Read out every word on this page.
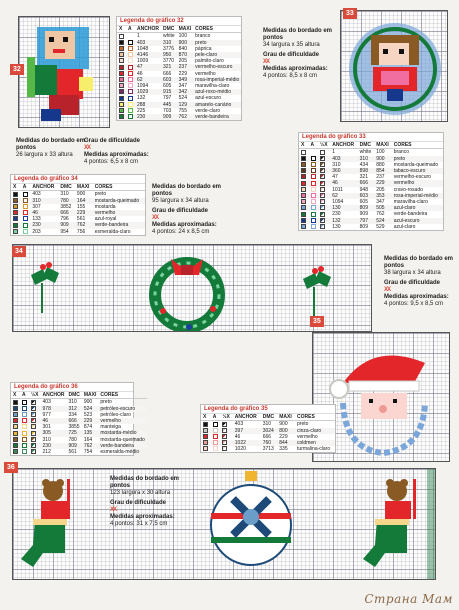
32
Legenda do gráfico 32
X	A	ANCHOR	DMC	MAXI	CORES
		1	white	100	branco
		403	310	900	preto
		1048	3776	840	páprica
		4146	950	870	pele-claro
		1009	3770	205	palmito-claro
		47	321	237	vermelho-escuro
		46	666	229	vermelho
		62	603	349	rosa-imperial-médio
		1094	605	347	maravilha-claro
		1029	915	342	azul-roxo-médio
		132	797	524	azul-escuro
		288	445	129	amarelo-canário
		225	703	755	verde-claro
		230	909	762	verde-bandeira
Medidas do bordado em pontos
26 largura x 33 altura
Grau de dificuldade
XX
Medidas aproximadas:
4 pontos: 6,5 x 8 cm
33
Medidas do bordado em pontos
34 largura x 35 altura
Grau de dificuldade
XX
Medidas aproximadas:
4 pontos: 8,5 x 8 cm
Legenda do gráfico 33
X	A	½X	ANCHOR	DMC	MAXI	CORES
			1	white	100	branco
			403	310	900	preto
			310	434	880	mostarda-queimado
			360	898	854	tabaco-escuro
			47	321	237	vermelho-escuro
			46	666	229	vermelho
			1011	948	205	cravo-rosado
			62	603	353	rosa-imperial-médio
			1094	605	347	maravilha-claro
			130	809	505	azul-claro
			230	909	762	verde-bandeira
			132	797	524	azul-escuro
			130	809	529	azul-claro
Legenda do gráfico 34
X	A	ANCHOR	DMC	MAXI	CORES
		403	310	900	preto
		310	780	164	mostarda-queimado
		307	3852	155	mostarda
		46	666	229	vermelho
		133	796	561	azul-royal
		230	909	762	verde-bandeira
		203	954	756	esmeralda-claro
Medidas do bordado em pontos
95 largura x 34 altura
Grau de dificuldade
XX
Medidas aproximadas:
4 pontos: 24 x 8,5 cm
34
Medidas do bordado em pontos
38 largura x 34 altura
Grau de dificuldade
XX
Medidas aproximadas:
4 pontos: 9,5 x 8,5 cm
35
Legenda do gráfico 36
X	A	½X	ANCHOR	DMC	MAXI	CORES
			403	310	900	preto
			978	312	524	petróleo-escuro
			977	334	523	petróleo-claro
			46	666	229	vermelho
			301	3855	874	manteiga
			305	725	135	mostarda-médio
			310	780	164	mostarda-queimado
			230	909	762	verde-bandeira
			212	561	754	esmeralda-médio
Legenda do gráfico 35
X	A	½X	ANCHOR	DMC	MAXI	CORES
			403	310	900	preto
			397	3024	800	cinza-claro
			46	666	229	vermelho
			1022	760	844	coldmen
			1020	3713	335	turmalina-claro
36
Medidas do bordado em pontos
123 largura x 30 altura
Grau de dificuldade
XX
Medidas aproximadas:
4 pontos: 31 x 7,5 cm
Страна Мам
